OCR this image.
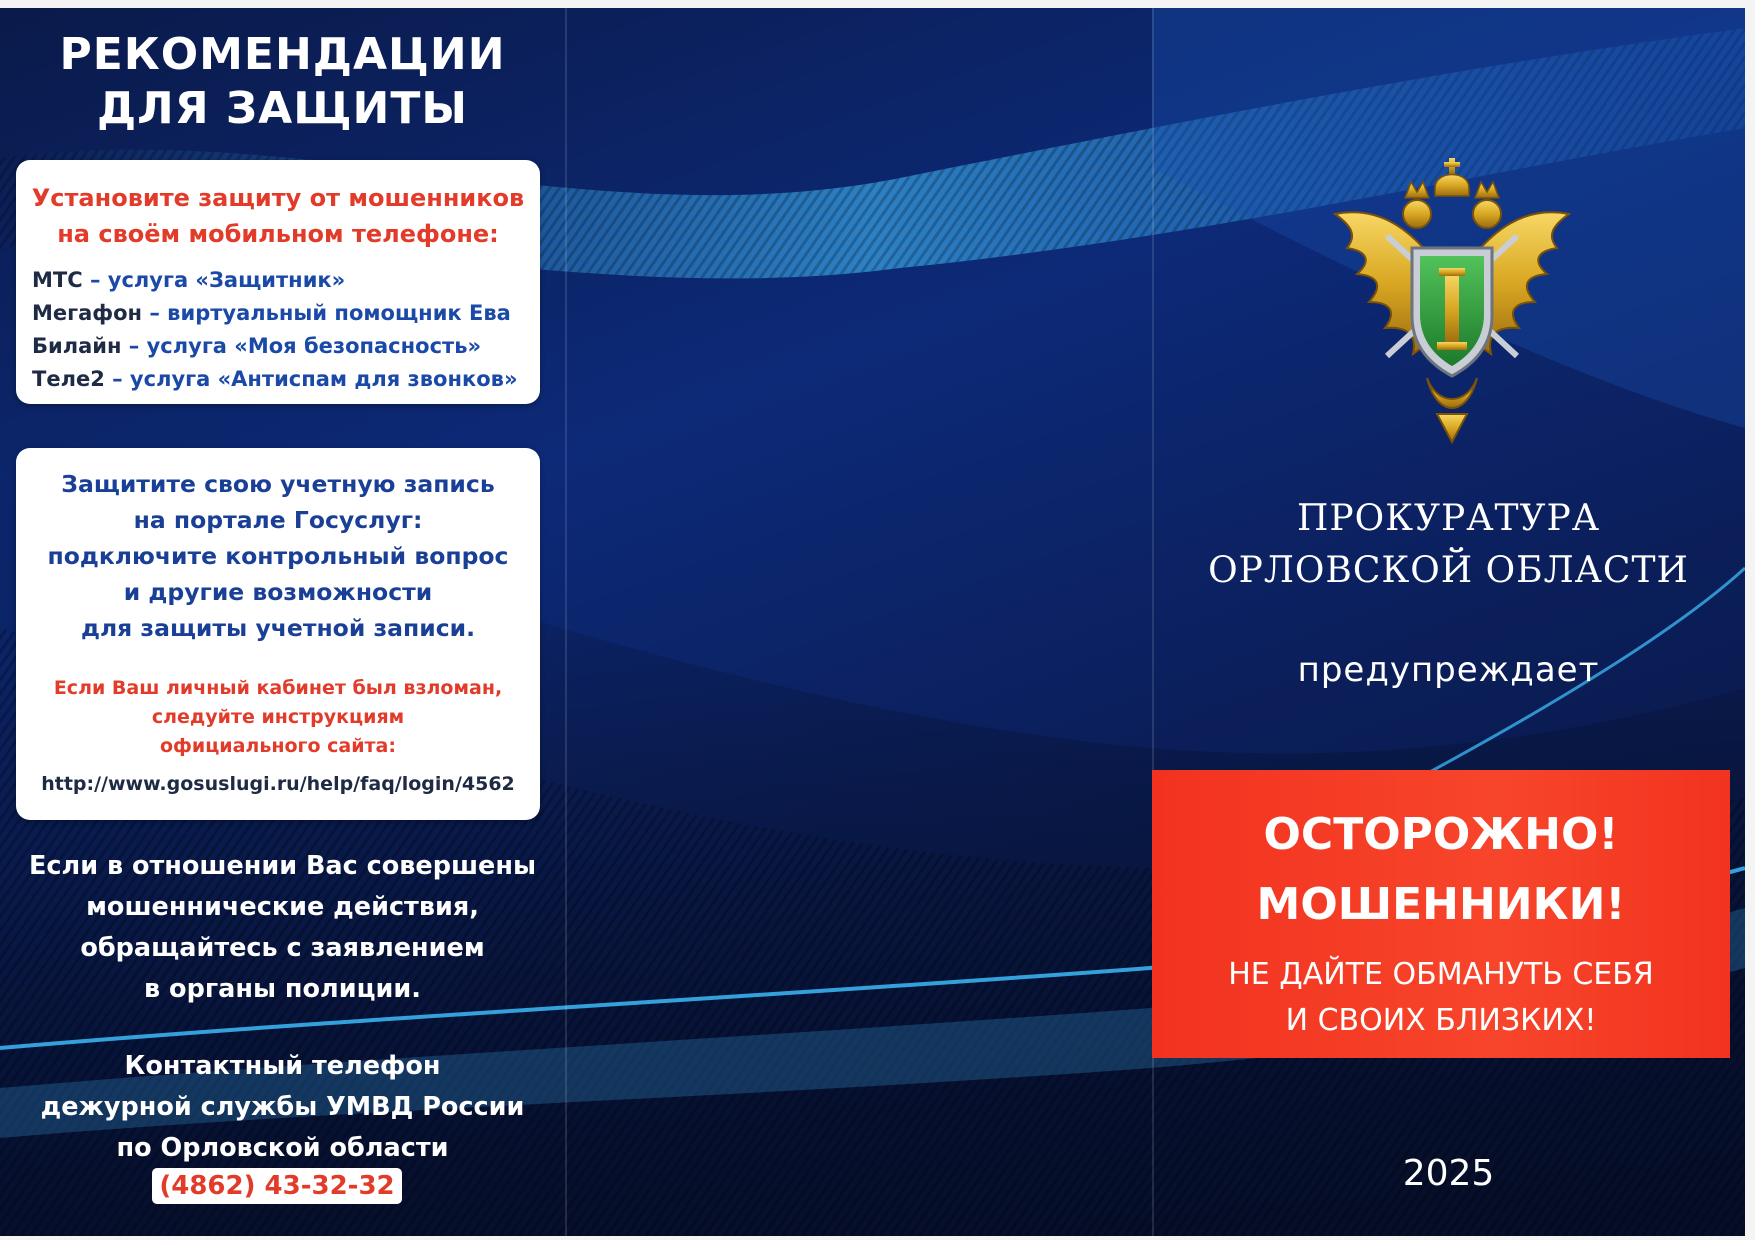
РЕКОМЕНДАЦИИ
ДЛЯ ЗАЩИТЫ
Установите защиту от мошенников
на своём мобильном телефоне:
МТС – услуга «Защитник»
Мегафон – виртуальный помощник Ева
Билайн – услуга «Моя безопасность»
Теле2 – услуга «Антиспам для звонков»
Защитите свою учетную запись
на портале Госуслуг:
подключите контрольный вопрос
и другие возможности
для защиты учетной записи.
Если Ваш личный кабинет был взломан,
следуйте инструкциям
официального сайта:
http://www.gosuslugi.ru/help/faq/login/4562
Если в отношении Вас совершены
мошеннические действия,
обращайтесь с заявлением
в органы полиции.
Контактный телефон
дежурной службы УМВД России
по Орловской области
(4862) 43-32-32
ПРОКУРАТУРА
ОРЛОВСКОЙ ОБЛАСТИ
предупреждает
ОСТОРОЖНО!
МОШЕННИКИ!
НЕ ДАЙТЕ ОБМАНУТЬ СЕБЯ
И СВОИХ БЛИЗКИХ!
2025
